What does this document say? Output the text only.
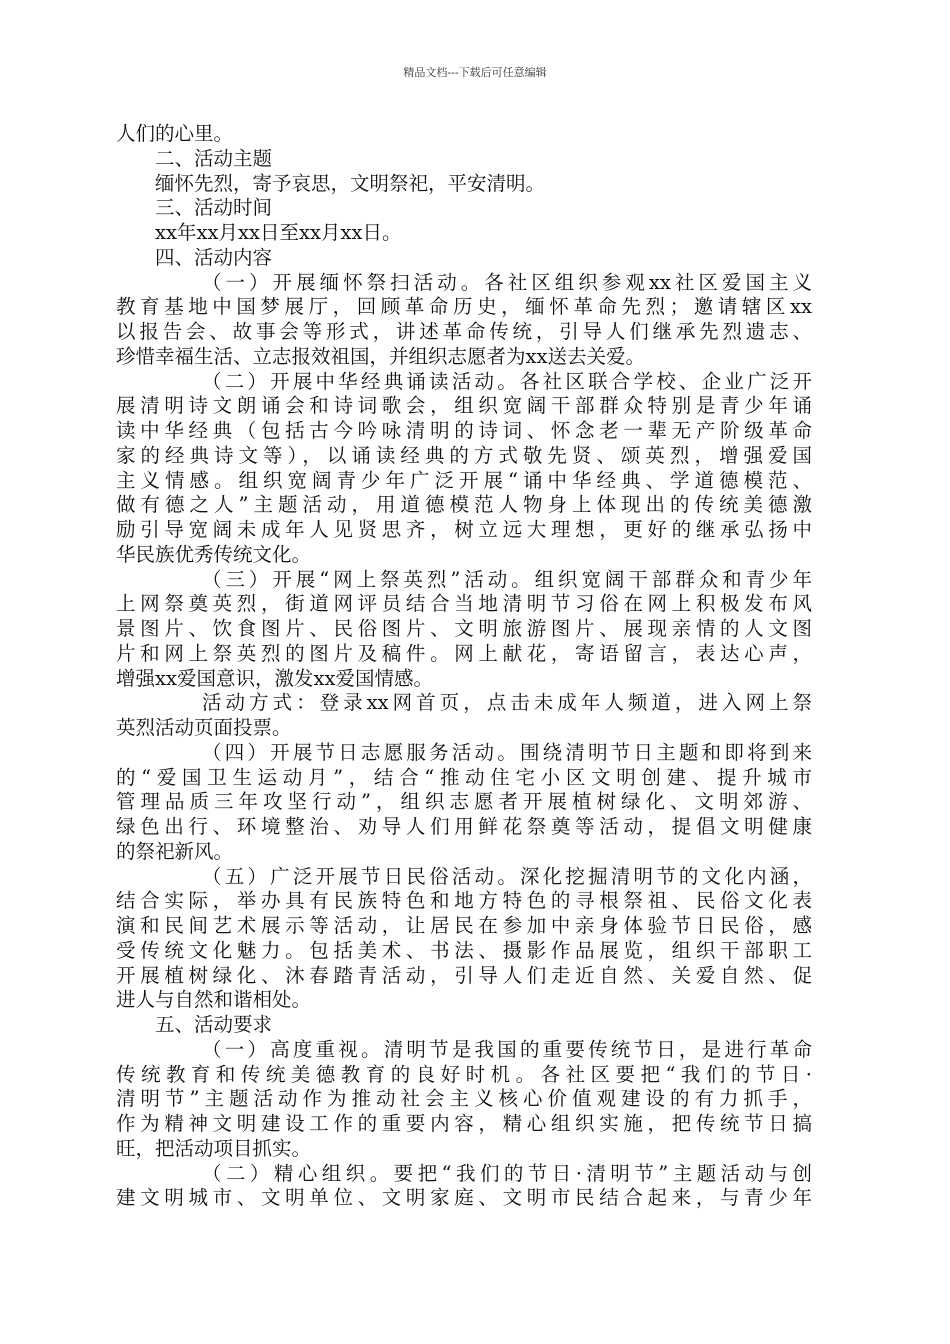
精品文档---下载后可任意编辑
人们的心里。
二、活动主题
缅怀先烈，寄予哀思，文明祭祀，平安清明。
三、活动时间
xx年xx月xx日至xx月xx日。
四、活动内容
（一）开展缅怀祭扫活动。各社区组织参观xx社区爱国主义
教育基地中国梦展厅，回顾革命历史，缅怀革命先烈；邀请辖区xx
以报告会、故事会等形式，讲述革命传统，引导人们继承先烈遗志、
珍惜幸福生活、立志报效祖国，并组织志愿者为xx送去关爱。
（二）开展中华经典诵读活动。各社区联合学校、企业广泛开
展清明诗文朗诵会和诗词歌会，组织宽阔干部群众特别是青少年诵
读中华经典（包括古今吟咏清明的诗词、怀念老一辈无产阶级革命
家的经典诗文等），以诵读经典的方式敬先贤、颂英烈，增强爱国
主义情感。组织宽阔青少年广泛开展“诵中华经典、学道德模范、
做有德之人”主题活动，用道德模范人物身上体现出的传统美德激
励引导宽阔未成年人见贤思齐，树立远大理想，更好的继承弘扬中
华民族优秀传统文化。
（三）开展“网上祭英烈”活动。组织宽阔干部群众和青少年
上网祭奠英烈，街道网评员结合当地清明节习俗在网上积极发布风
景图片、饮食图片、民俗图片、文明旅游图片、展现亲情的人文图
片和网上祭英烈的图片及稿件。网上献花，寄语留言，表达心声，
增强xx爱国意识，激发xx爱国情感。
活动方式：登录xx网首页，点击未成年人频道，进入网上祭
英烈活动页面投票。
（四）开展节日志愿服务活动。围绕清明节日主题和即将到来
的“爱国卫生运动月”，结合“推动住宅小区文明创建、提升城市
管理品质三年攻坚行动”，组织志愿者开展植树绿化、文明郊游、
绿色出行、环境整治、劝导人们用鲜花祭奠等活动，提倡文明健康
的祭祀新风。
（五）广泛开展节日民俗活动。深化挖掘清明节的文化内涵，
结合实际，举办具有民族特色和地方特色的寻根祭祖、民俗文化表
演和民间艺术展示等活动，让居民在参加中亲身体验节日民俗，感
受传统文化魅力。包括美术、书法、摄影作品展览，组织干部职工
开展植树绿化、沐春踏青活动，引导人们走近自然、关爱自然、促
进人与自然和谐相处。
五、活动要求
（一）高度重视。清明节是我国的重要传统节日，是进行革命
传统教育和传统美德教育的良好时机。各社区要把“我们的节日·
清明节”主题活动作为推动社会主义核心价值观建设的有力抓手，
作为精神文明建设工作的重要内容，精心组织实施，把传统节日搞
旺，把活动项目抓实。
（二）精心组织。要把“我们的节日·清明节”主题活动与创
建文明城市、文明单位、文明家庭、文明市民结合起来，与青少年
